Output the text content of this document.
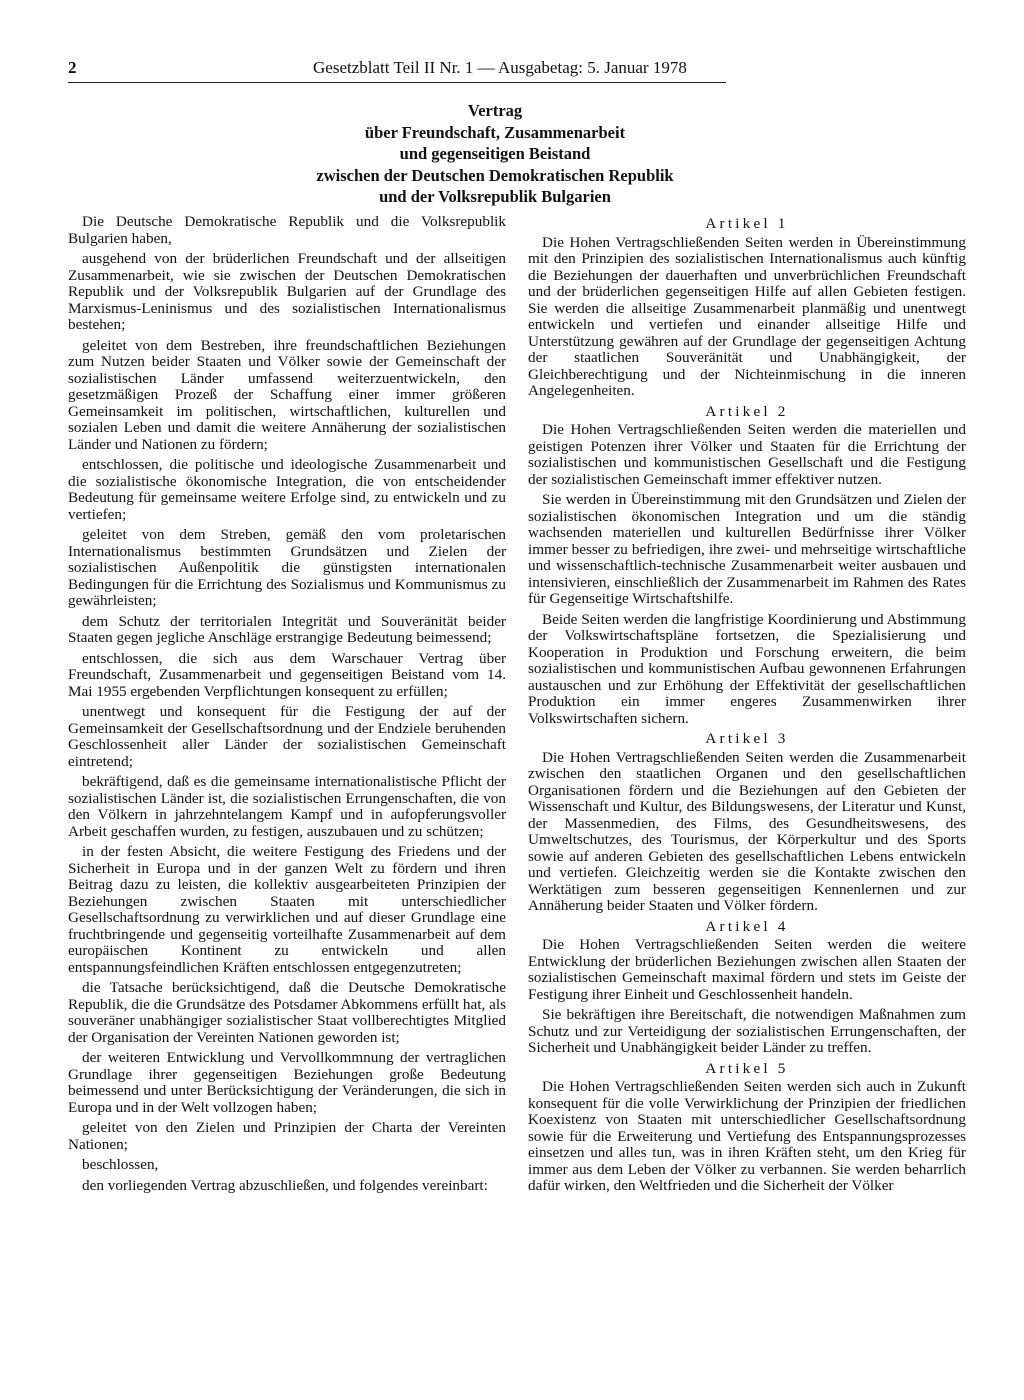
2	Gesetzblatt Teil II Nr. 1 — Ausgabetag: 5. Januar 1978
Vertrag
über Freundschaft, Zusammenarbeit
und gegenseitigen Beistand
zwischen der Deutschen Demokratischen Republik
und der Volksrepublik Bulgarien

Die Deutsche Demokratische Republik und die Volksrepublik Bulgarien haben,

ausgehend von der brüderlichen Freundschaft und der allseitigen Zusammenarbeit, wie sie zwischen der Deutschen Demokratischen Republik und der Volksrepublik Bulgarien auf der Grundlage des Marxismus-Leninismus und des sozialistischen Internationalismus bestehen;

geleitet von dem Bestreben, ihre freundschaftlichen Beziehungen zum Nutzen beider Staaten und Völker sowie der Gemeinschaft der sozialistischen Länder umfassend weiterzuentwickeln, den gesetzmäßigen Prozeß der Schaffung einer immer größeren Gemeinsamkeit im politischen, wirtschaftlichen, kulturellen und sozialen Leben und damit die weitere Annäherung der sozialistischen Länder und Nationen zu fördern;

entschlossen, die politische und ideologische Zusammenarbeit und die sozialistische ökonomische Integration, die von entscheidender Bedeutung für gemeinsame weitere Erfolge sind, zu entwickeln und zu vertiefen;

geleitet von dem Streben, gemäß den vom proletarischen Internationalismus bestimmten Grundsätzen und Zielen der sozialistischen Außenpolitik die günstigsten internationalen Bedingungen für die Errichtung des Sozialismus und Kommunismus zu gewährleisten;

dem Schutz der territorialen Integrität und Souveränität beider Staaten gegen jegliche Anschläge erstrangige Bedeutung beimessend;

entschlossen, die sich aus dem Warschauer Vertrag über Freundschaft, Zusammenarbeit und gegenseitigen Beistand vom 14. Mai 1955 ergebenden Verpflichtungen konsequent zu erfüllen;

unentwegt und konsequent für die Festigung der auf der Gemeinsamkeit der Gesellschaftsordnung und der Endziele beruhenden Geschlossenheit aller Länder der sozialistischen Gemeinschaft eintretend;

bekräftigend, daß es die gemeinsame internationalistische Pflicht der sozialistischen Länder ist, die sozialistischen Errungenschaften, die von den Völkern in jahrzehntelangem Kampf und in aufopferungsvoller Arbeit geschaffen wurden, zu festigen, auszubauen und zu schützen;

in der festen Absicht, die weitere Festigung des Friedens und der Sicherheit in Europa und in der ganzen Welt zu fördern und ihren Beitrag dazu zu leisten, die kollektiv ausgearbeiteten Prinzipien der Beziehungen zwischen Staaten mit unterschiedlicher Gesellschaftsordnung zu verwirklichen und auf dieser Grundlage eine fruchtbringende und gegenseitig vorteilhafte Zusammenarbeit auf dem europäischen Kontinent zu entwickeln und allen entspannungsfeindlichen Kräften entschlossen entgegenzutreten;

die Tatsache berücksichtigend, daß die Deutsche Demokratische Republik, die die Grundsätze des Potsdamer Abkommens erfüllt hat, als souveräner unabhängiger sozialistischer Staat vollberechtigtes Mitglied der Organisation der Vereinten Nationen geworden ist;

der weiteren Entwicklung und Vervollkommnung der vertraglichen Grundlage ihrer gegenseitigen Beziehungen große Bedeutung beimessend und unter Berücksichtigung der Veränderungen, die sich in Europa und in der Welt vollzogen haben;

geleitet von den Zielen und Prinzipien der Charta der Vereinten Nationen;

beschlossen,

den vorliegenden Vertrag abzuschließen, und folgendes vereinbart:

Artikel 1

Die Hohen Vertragschließenden Seiten werden in Übereinstimmung mit den Prinzipien des sozialistischen Internationalismus auch künftig die Beziehungen der dauerhaften und unverbrüchlichen Freundschaft und der brüderlichen gegenseitigen Hilfe auf allen Gebieten festigen. Sie werden die allseitige Zusammenarbeit planmäßig und unentwegt entwickeln und vertiefen und einander allseitige Hilfe und Unterstützung gewähren auf der Grundlage der gegenseitigen Achtung der staatlichen Souveränität und Unabhängigkeit, der Gleichberechtigung und der Nichteinmischung in die inneren Angelegenheiten.

Artikel 2

Die Hohen Vertragschließenden Seiten werden die materiellen und geistigen Potenzen ihrer Völker und Staaten für die Errichtung der sozialistischen und kommunistischen Gesellschaft und die Festigung der sozialistischen Gemeinschaft immer effektiver nutzen.

Sie werden in Übereinstimmung mit den Grundsätzen und Zielen der sozialistischen ökonomischen Integration und um die ständig wachsenden materiellen und kulturellen Bedürfnisse ihrer Völker immer besser zu befriedigen, ihre zwei- und mehrseitige wirtschaftliche und wissenschaftlich-technische Zusammenarbeit weiter ausbauen und intensivieren, einschließlich der Zusammenarbeit im Rahmen des Rates für Gegenseitige Wirtschaftshilfe.

Beide Seiten werden die langfristige Koordinierung und Abstimmung der Volkswirtschaftspläne fortsetzen, die Spezialisierung und Kooperation in Produktion und Forschung erweitern, die beim sozialistischen und kommunistischen Aufbau gewonnenen Erfahrungen austauschen und zur Erhöhung der Effektivität der gesellschaftlichen Produktion ein immer engeres Zusammenwirken ihrer Volkswirtschaften sichern.

Artikel 3

Die Hohen Vertragschließenden Seiten werden die Zusammenarbeit zwischen den staatlichen Organen und den gesellschaftlichen Organisationen fördern und die Beziehungen auf den Gebieten der Wissenschaft und Kultur, des Bildungswesens, der Literatur und Kunst, der Massenmedien, des Films, des Gesundheitswesens, des Umweltschutzes, des Tourismus, der Körperkultur und des Sports sowie auf anderen Gebieten des gesellschaftlichen Lebens entwickeln und vertiefen. Gleichzeitig werden sie die Kontakte zwischen den Werktätigen zum besseren gegenseitigen Kennenlernen und zur Annäherung beider Staaten und Völker fördern.

Artikel 4

Die Hohen Vertragschließenden Seiten werden die weitere Entwicklung der brüderlichen Beziehungen zwischen allen Staaten der sozialistischen Gemeinschaft maximal fördern und stets im Geiste der Festigung ihrer Einheit und Geschlossenheit handeln.

Sie bekräftigen ihre Bereitschaft, die notwendigen Maßnahmen zum Schutz und zur Verteidigung der sozialistischen Errungenschaften, der Sicherheit und Unabhängigkeit beider Länder zu treffen.

Artikel 5

Die Hohen Vertragschließenden Seiten werden sich auch in Zukunft konsequent für die volle Verwirklichung der Prinzipien der friedlichen Koexistenz von Staaten mit unterschiedlicher Gesellschaftsordnung sowie für die Erweiterung und Vertiefung des Entspannungsprozesses einsetzen und alles tun, was in ihren Kräften steht, um den Krieg für immer aus dem Leben der Völker zu verbannen. Sie werden beharrlich dafür wirken, den Weltfrieden und die Sicherheit der Völker
